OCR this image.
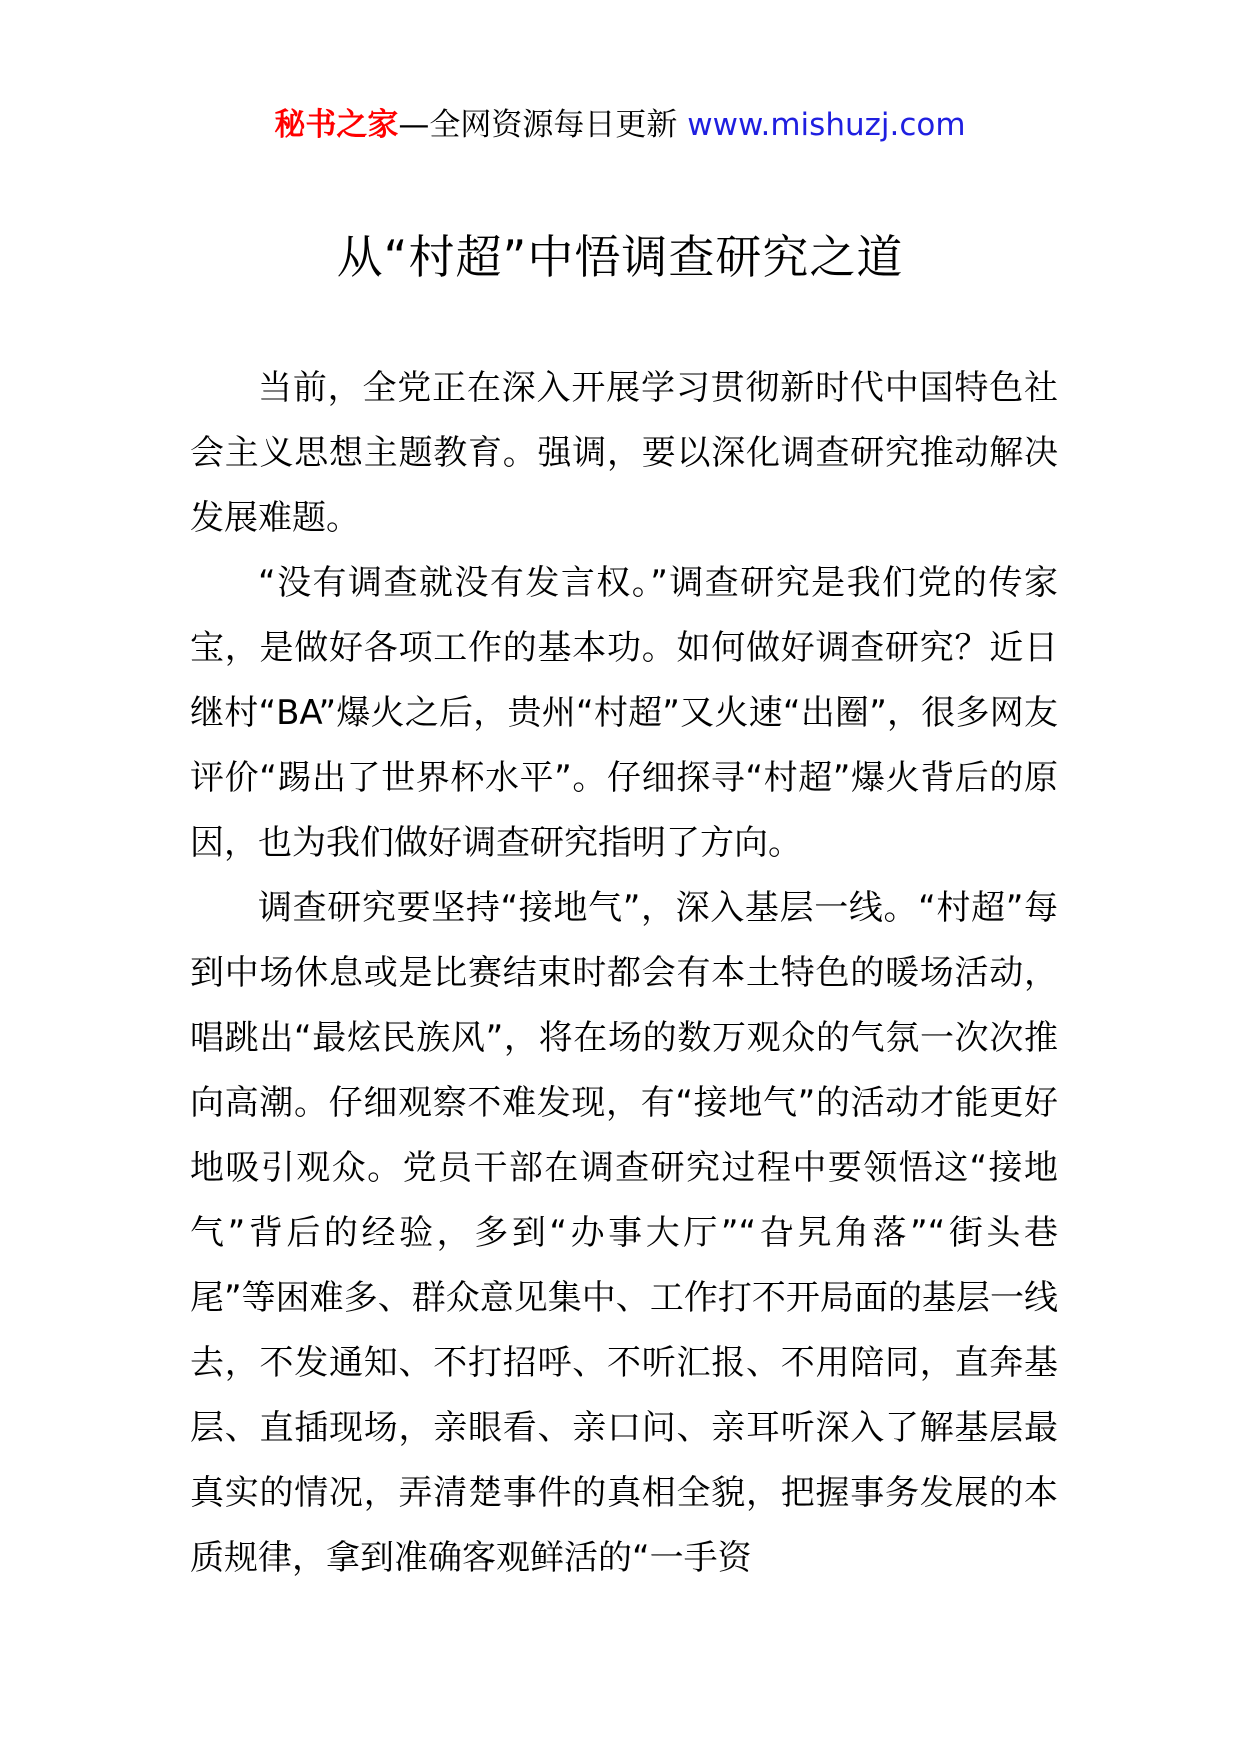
秘书之家—全网资源每日更新 www.mishuzj.com
从“村超”中悟调查研究之道

当前，全党正在深入开展学习贯彻新时代中国特色社会主义思想主题教育。强调，要以深化调查研究推动解决发展难题。

“没有调查就没有发言权。”调查研究是我们党的传家宝，是做好各项工作的基本功。如何做好调查研究？近日继村“BA”爆火之后，贵州“村超”又火速“出圈”，很多网友评价“踢出了世界杯水平”。仔细探寻“村超”爆火背后的原因，也为我们做好调查研究指明了方向。

调查研究要坚持“接地气”，深入基层一线。“村超”每到中场休息或是比赛结束时都会有本土特色的暖场活动，唱跳出“最炫民族风”，将在场的数万观众的气氛一次次推向高潮。仔细观察不难发现，有“接地气”的活动才能更好地吸引观众。党员干部在调查研究过程中要领悟这“接地气”背后的经验，多到“办事大厅”“旮旯角落”“街头巷尾”等困难多、群众意见集中、工作打不开局面的基层一线去，不发通知、不打招呼、不听汇报、不用陪同，直奔基层、直插现场，亲眼看、亲口问、亲耳听深入了解基层最真实的情况，弄清楚事件的真相全貌，把握事务发展的本质规律，拿到准确客观鲜活的“一手资
